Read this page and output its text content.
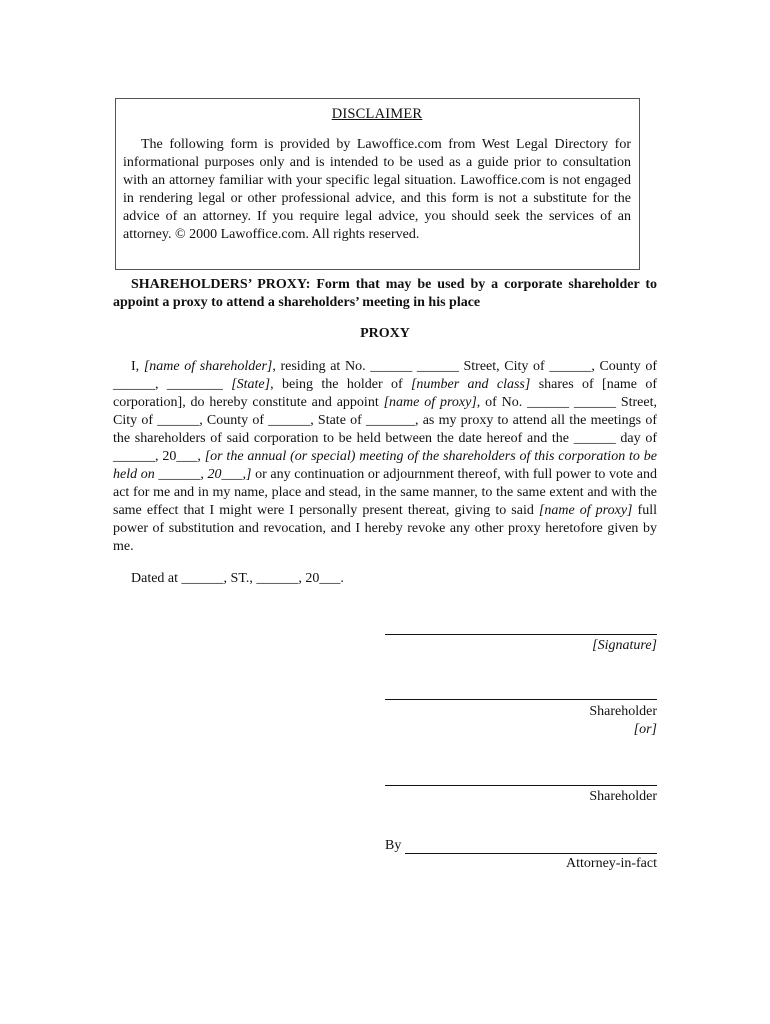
DISCLAIMER

The following form is provided by Lawoffice.com from West Legal Directory for informational purposes only and is intended to be used as a guide prior to consultation with an attorney familiar with your specific legal situation. Lawoffice.com is not engaged in rendering legal or other professional advice, and this form is not a substitute for the advice of an attorney. If you require legal advice, you should seek the services of an attorney. © 2000 Lawoffice.com. All rights reserved.

SHAREHOLDERS’ PROXY: Form that may be used by a corporate shareholder to appoint a proxy to attend a shareholders’ meeting in his place

PROXY

I, [name of shareholder], residing at No. ______ ______ Street, City of ______, County of ______, ________ [State], being the holder of [number and class] shares of [name of corporation], do hereby constitute and appoint [name of proxy], of No. ______ ______ Street, City of ______, County of ______, State of _______, as my proxy to attend all the meetings of the shareholders of said corporation to be held between the date hereof and the ______ day of ______, 20___, [or the annual (or special) meeting of the shareholders of this corporation to be held on ______, 20___,] or any continuation or adjournment thereof, with full power to vote and act for me and in my name, place and stead, in the same manner, to the same extent and with the same effect that I might were I personally present thereat, giving to said [name of proxy] full power of substitution and revocation, and I hereby revoke any other proxy heretofore given by me.

Dated at ______, ST., ______, 20___.

[Signature]

Shareholder

[or]

Shareholder

By

Attorney-in-fact
